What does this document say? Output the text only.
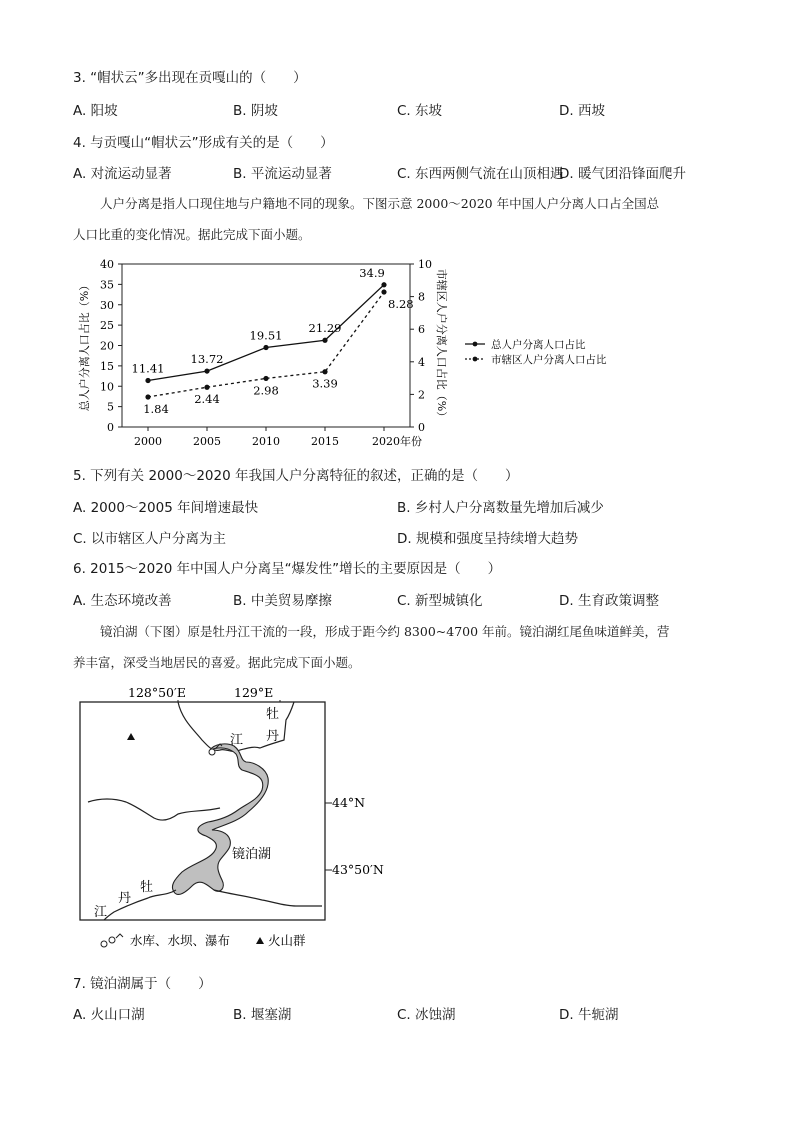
3. “帽状云”多出现在贡嘎山的（　　）
A. 阳坡	B. 阴坡	C. 东坡	D. 西坡
4. 与贡嘎山“帽状云”形成有关的是（　　）
A. 对流运动显著	B. 平流运动显著	C. 东西两侧气流在山顶相遇
D. 暖气团沿锋面爬升
人户分离是指人口现住地与户籍地不同的现象。下图示意 2000～2020 年中国人户分离人口占全国总
人口比重的变化情况。据此完成下面小题。
0
5
10
15
20
25
30
35
40
0
2
4
6
8
10
2000	2005	2010	2015	2020年份
总人户分离人口占比（%）	市辖区人户分离人口占比（%）
11.41
13.72
19.51
21.29
34.9
1.84
2.44
2.98	3.39
8.28
总人户分离人口占比
市辖区人户分离人口占比
5. 下列有关 2000～2020 年我国人户分离特征的叙述，正确的是（　　）
A. 2000～2005 年间增速最快	B. 乡村人户分离数量先增加后减少
C. 以市辖区人户分离为主	D. 规模和强度呈持续增大趋势
6. 2015～2020 年中国人户分离呈“爆发性”增长的主要原因是（　　）
A. 生态环境改善	B. 中美贸易摩擦	C. 新型城镇化	D. 生育政策调整
镜泊湖（下图）原是牡丹江干流的一段，形成于距今约 8300~4700 年前。镜泊湖红尾鱼味道鲜美，营
养丰富，深受当地居民的喜爱。据此完成下面小题。
128°50′E	129°E
44°N
43°50′N
牡
丹
江
镜泊湖
牡
丹
江
水库、水坝、瀑布	火山群
7. 镜泊湖属于（　　）
A. 火山口湖	B. 堰塞湖	C. 冰蚀湖	D. 牛轭湖
